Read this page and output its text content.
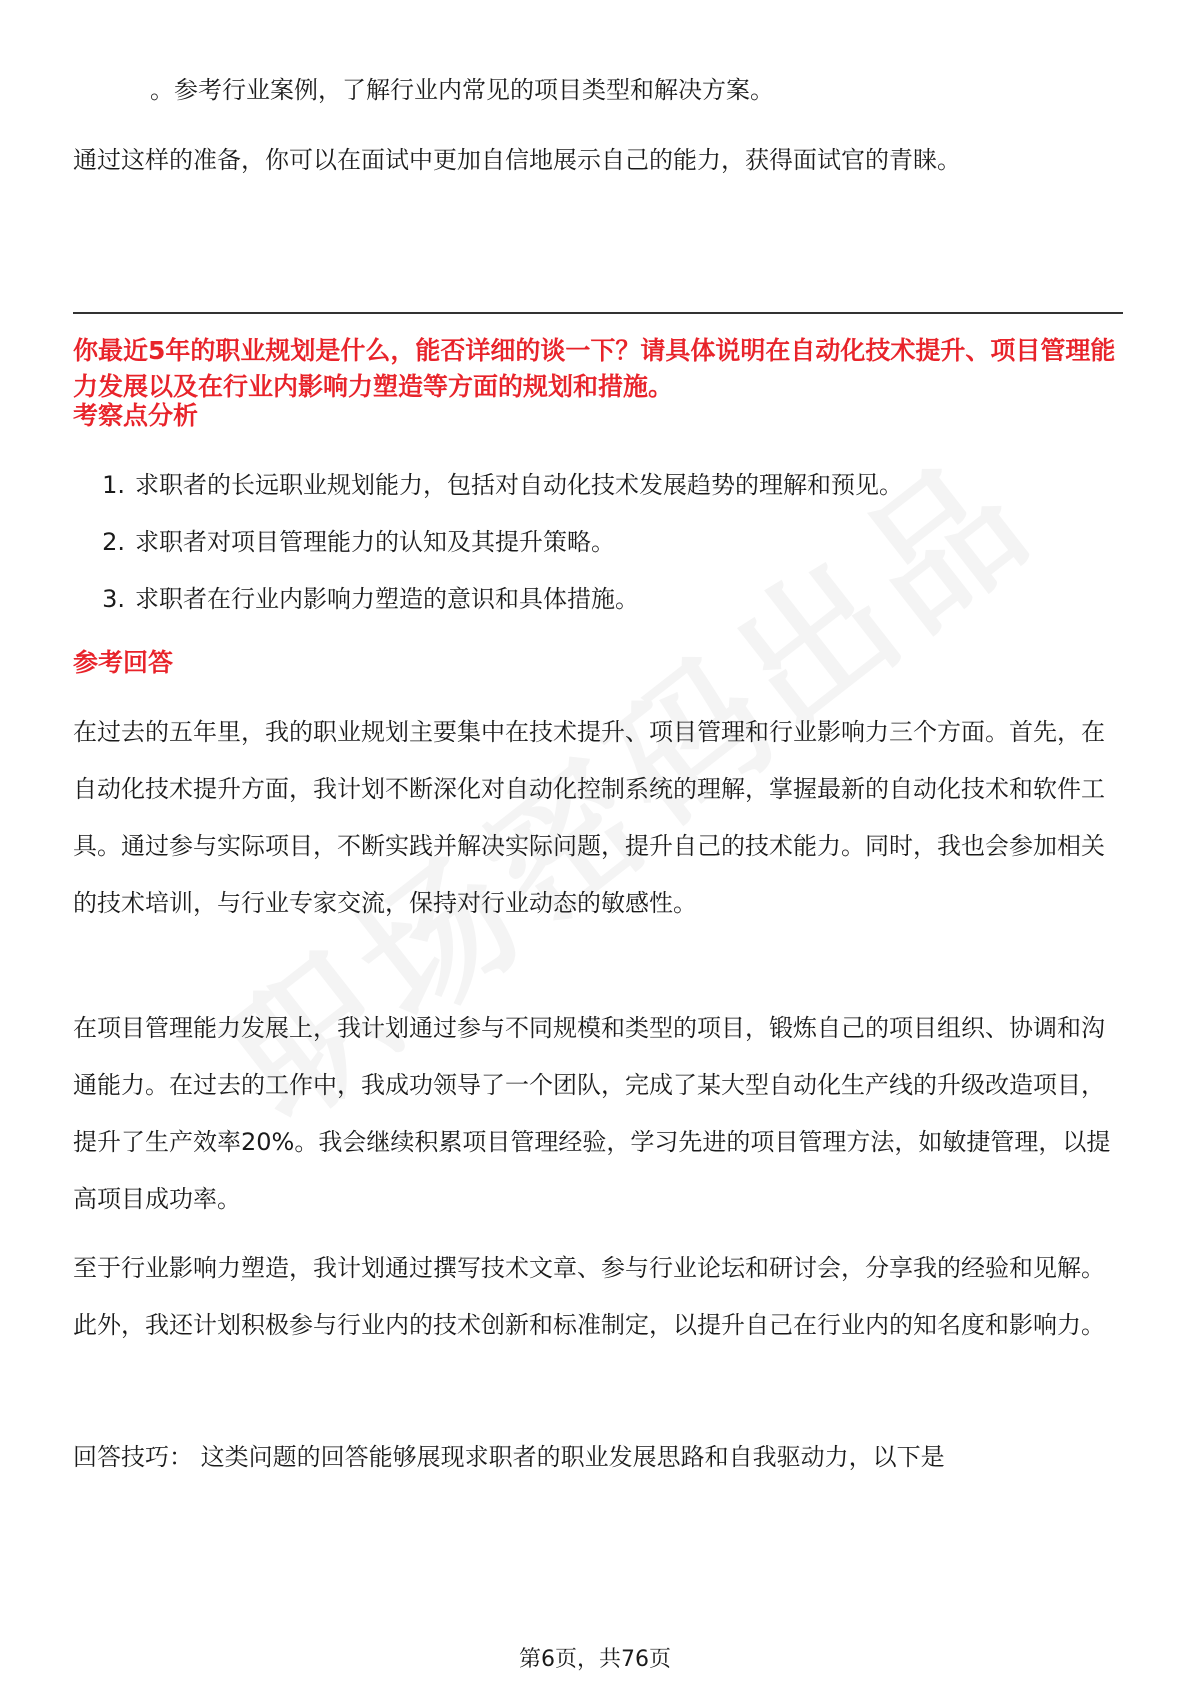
。参考行业案例，了解行业内常见的项目类型和解决方案。

通过这样的准备，你可以在面试中更加自信地展示自己的能力，获得面试官的青睐。

你最近5年的职业规划是什么，能否详细的谈一下？请具体说明在自动化技术提升、项目管理能力发展以及在行业内影响力塑造等方面的规划和措施。

考察点分析
1. 求职者的长远职业规划能力，包括对自动化技术发展趋势的理解和预见。
2. 求职者对项目管理能力的认知及其提升策略。
3. 求职者在行业内影响力塑造的意识和具体措施。
参考回答

在过去的五年里，我的职业规划主要集中在技术提升、项目管理和行业影响力三个方面。首先，在自动化技术提升方面，我计划不断深化对自动化控制系统的理解，掌握最新的自动化技术和软件工具。通过参与实际项目，不断实践并解决实际问题，提升自己的技术能力。同时，我也会参加相关的技术培训，与行业专家交流，保持对行业动态的敏感性。

在项目管理能力发展上，我计划通过参与不同规模和类型的项目，锻炼自己的项目组织、协调和沟通能力。在过去的工作中，我成功领导了一个团队，完成了某大型自动化生产线的升级改造项目，提升了生产效率20%。我会继续积累项目管理经验，学习先进的项目管理方法，如敏捷管理，以提高项目成功率。

至于行业影响力塑造，我计划通过撰写技术文章、参与行业论坛和研讨会，分享我的经验和见解。此外，我还计划积极参与行业内的技术创新和标准制定，以提升自己在行业内的知名度和影响力。

回答技巧： 这类问题的回答能够展现求职者的职业发展思路和自我驱动力，以下是

第6页，共76页
